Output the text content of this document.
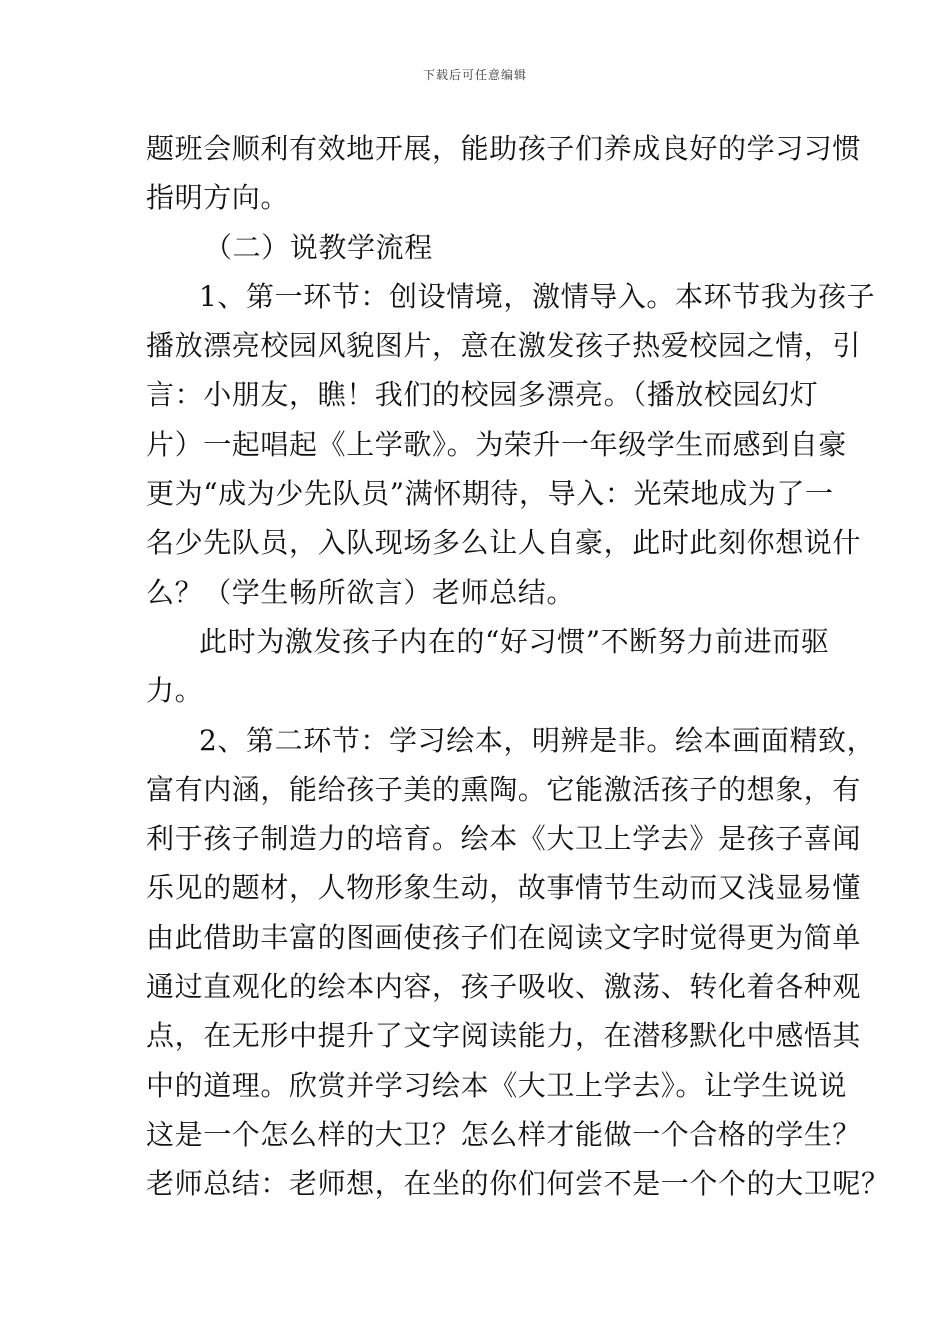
下载后可任意编辑
题班会顺利有效地开展，能助孩子们养成良好的学习习惯
指明方向。
（二）说教学流程
1、第一环节：创设情境，激情导入。本环节我为孩子
播放漂亮校园风貌图片，意在激发孩子热爱校园之情，引
言：小朋友，瞧！我们的校园多漂亮。（播放校园幻灯
片）一起唱起《上学歌》。为荣升一年级学生而感到自豪
更为“成为少先队员”满怀期待，导入：光荣地成为了一
名少先队员，入队现场多么让人自豪，此时此刻你想说什
么？（学生畅所欲言）老师总结。
此时为激发孩子内在的“好习惯”不断努力前进而驱
力。
2、第二环节：学习绘本，明辨是非。绘本画面精致，
富有内涵，能给孩子美的熏陶。它能激活孩子的想象，有
利于孩子制造力的培育。绘本《大卫上学去》是孩子喜闻
乐见的题材，人物形象生动，故事情节生动而又浅显易懂
由此借助丰富的图画使孩子们在阅读文字时觉得更为简单
通过直观化的绘本内容，孩子吸收、激荡、转化着各种观
点，在无形中提升了文字阅读能力，在潜移默化中感悟其
中的道理。欣赏并学习绘本《大卫上学去》。让学生说说
这是一个怎么样的大卫？怎么样才能做一个合格的学生？
老师总结：老师想，在坐的你们何尝不是一个个的大卫呢？
